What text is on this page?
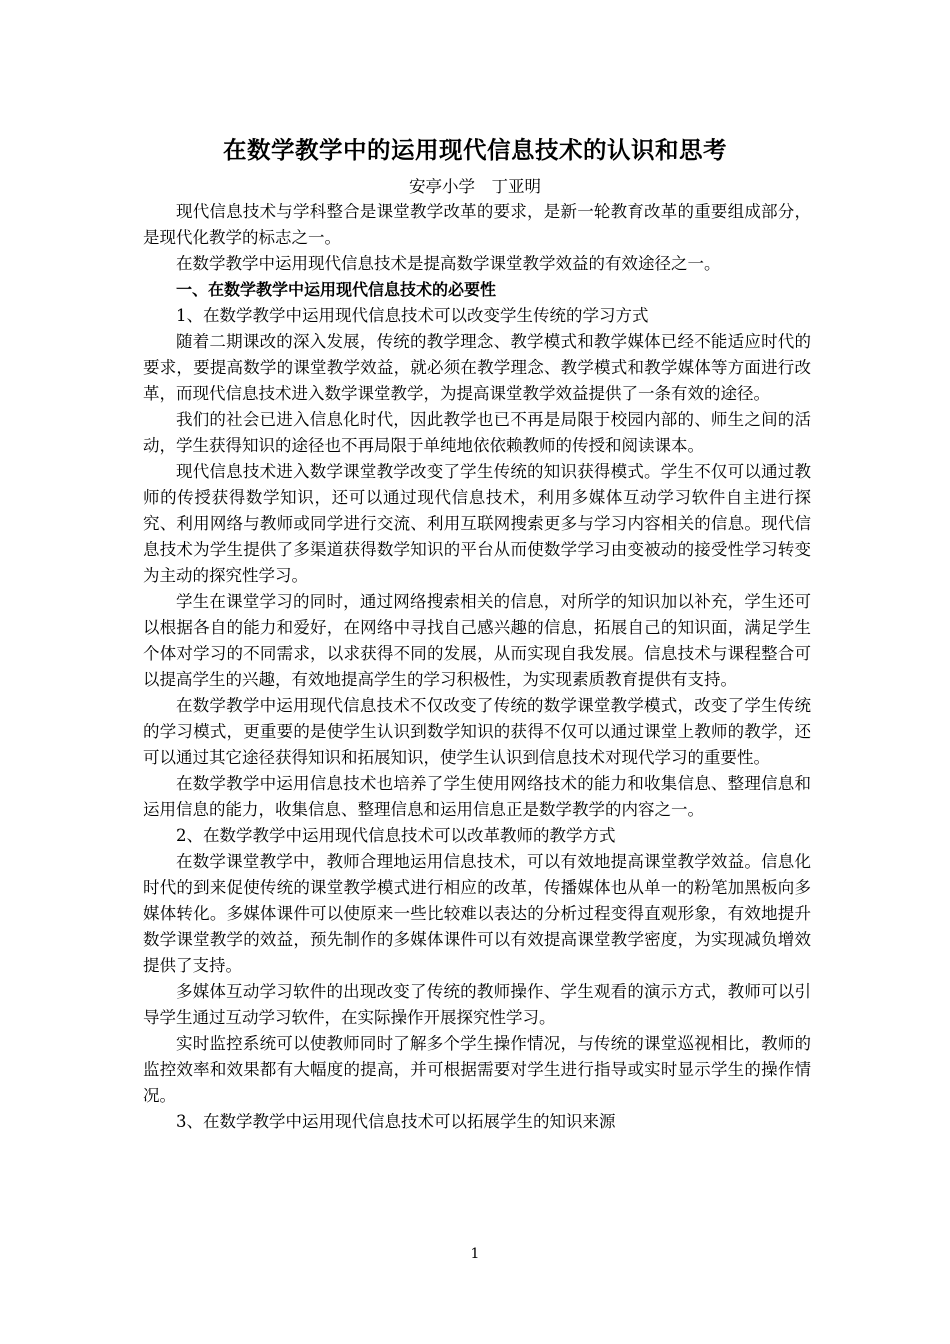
在数学教学中的运用现代信息技术的认识和思考
安亭小学　丁亚明

现代信息技术与学科整合是课堂教学改革的要求，是新一轮教育改革的重要组成部分，是现代化教学的标志之一。

在数学教学中运用现代信息技术是提高数学课堂教学效益的有效途径之一。

一、在数学教学中运用现代信息技术的必要性

1、在数学教学中运用现代信息技术可以改变学生传统的学习方式

随着二期课改的深入发展，传统的教学理念、教学模式和教学媒体已经不能适应时代的要求，要提高数学的课堂教学效益，就必须在教学理念、教学模式和教学媒体等方面进行改革，而现代信息技术进入数学课堂教学，为提高课堂教学效益提供了一条有效的途径。

我们的社会已进入信息化时代，因此教学也已不再是局限于校园内部的、师生之间的活动，学生获得知识的途径也不再局限于单纯地依依赖教师的传授和阅读课本。

现代信息技术进入数学课堂教学改变了学生传统的知识获得模式。学生不仅可以通过教师的传授获得数学知识，还可以通过现代信息技术，利用多媒体互动学习软件自主进行探究、利用网络与教师或同学进行交流、利用互联网搜索更多与学习内容相关的信息。现代信息技术为学生提供了多渠道获得数学知识的平台从而使数学学习由变被动的接受性学习转变为主动的探究性学习。

学生在课堂学习的同时，通过网络搜索相关的信息，对所学的知识加以补充，学生还可以根据各自的能力和爱好，在网络中寻找自己感兴趣的信息，拓展自己的知识面，满足学生个体对学习的不同需求，以求获得不同的发展，从而实现自我发展。信息技术与课程整合可以提高学生的兴趣，有效地提高学生的学习积极性，为实现素质教育提供有支持。

在数学教学中运用现代信息技术不仅改变了传统的数学课堂教学模式，改变了学生传统的学习模式，更重要的是使学生认识到数学知识的获得不仅可以通过课堂上教师的教学，还可以通过其它途径获得知识和拓展知识，使学生认识到信息技术对现代学习的重要性。

在数学教学中运用信息技术也培养了学生使用网络技术的能力和收集信息、整理信息和运用信息的能力，收集信息、整理信息和运用信息正是数学教学的内容之一。

2、在数学教学中运用现代信息技术可以改革教师的教学方式

在数学课堂教学中，教师合理地运用信息技术，可以有效地提高课堂教学效益。信息化时代的到来促使传统的课堂教学模式进行相应的改革，传播媒体也从单一的粉笔加黑板向多媒体转化。多媒体课件可以使原来一些比较难以表达的分析过程变得直观形象，有效地提升数学课堂教学的效益，预先制作的多媒体课件可以有效提高课堂教学密度，为实现减负增效提供了支持。

多媒体互动学习软件的出现改变了传统的教师操作、学生观看的演示方式，教师可以引导学生通过互动学习软件，在实际操作开展探究性学习。

实时监控系统可以使教师同时了解多个学生操作情况，与传统的课堂巡视相比，教师的监控效率和效果都有大幅度的提高，并可根据需要对学生进行指导或实时显示学生的操作情况。

3、在数学教学中运用现代信息技术可以拓展学生的知识来源

1
